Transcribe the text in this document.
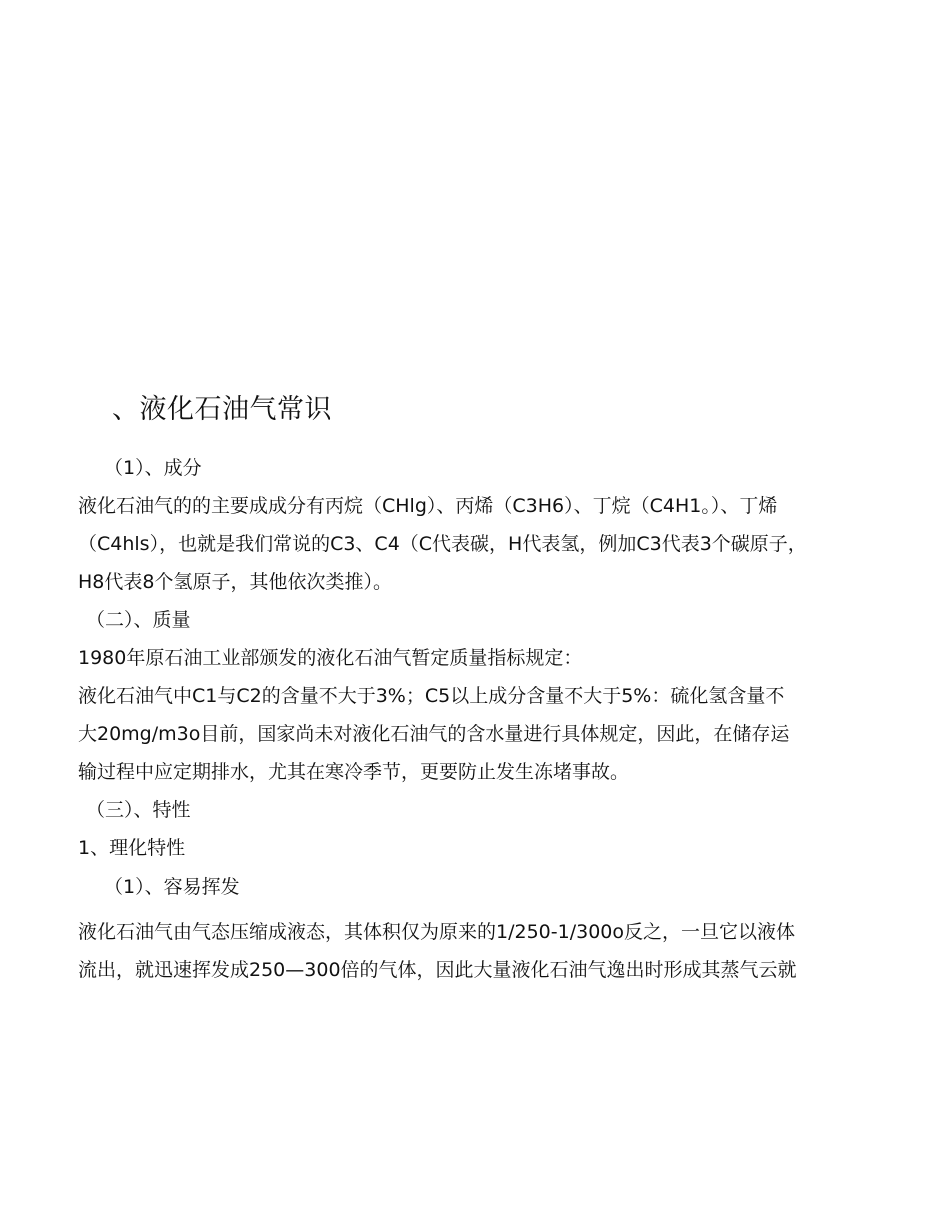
、液化石油气常识
（1）、成分
液化石油气的的主要成成分有丙烷（CHlg）、丙烯（C3H6）、丁烷（C4H1。）、丁烯
（C4hls），也就是我们常说的C3、C4（C代表碳，H代表氢，例加C3代表3个碳原子，
H8代表8个氢原子，其他依次类推）。
（二）、质量
1980年原石油工业部颁发的液化石油气暂定质量指标规定：
液化石油气中C1与C2的含量不大于3%；C5以上成分含量不大于5%：硫化氢含量不
大20mg/m3o目前，国家尚未对液化石油气的含水量进行具体规定，因此，在储存运
输过程中应定期排水，尤其在寒冷季节，更要防止发生冻堵事故。
（三）、特性
1、理化特性
（1）、容易挥发
液化石油气由气态压缩成液态，其体积仅为原来的1/250-1/300o反之，一旦它以液体
流出，就迅速挥发成250—300倍的气体，因此大量液化石油气逸出时形成其蒸气云就
